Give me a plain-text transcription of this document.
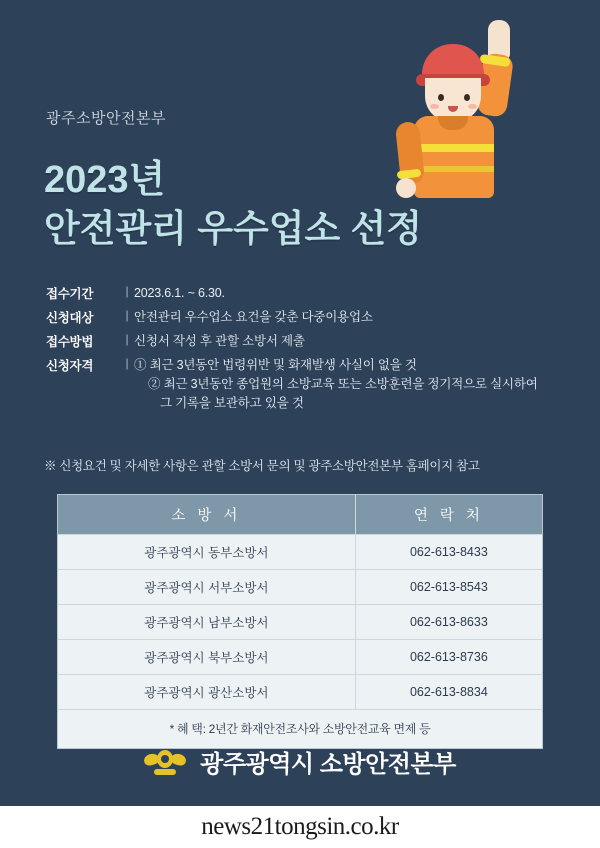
광주소방안전본부
2023년
안전관리 우수업소 선정
접수기간	| 2023.6.1. ~ 6.30.
신청대상	| 안전관리 우수업소 요건을 갖춘 다중이용업소
접수방법	| 신청서 작성 후 관할 소방서 제출
신청자격	| ① 최근 3년동안 법령위반 및 화재발생 사실이 없을 것
② 최근 3년동안 종업원의 소방교육 또는 소방훈련을 정기적으로 실시하여
그 기록을 보관하고 있을 것
※ 신청요건 및 자세한 사항은 관할 소방서 문의 및 광주소방안전본부 홈페이지 참고
소 방 서	연 락 처
광주광역시 동부소방서	062-613-8433
광주광역시 서부소방서	062-613-8543
광주광역시 남부소방서	062-613-8633
광주광역시 북부소방서	062-613-8736
광주광역시 광산소방서	062-613-8834
* 혜 택: 2년간 화재안전조사와 소방안전교육 면제 등
광주광역시 소방안전본부
news21tongsin.co.kr
